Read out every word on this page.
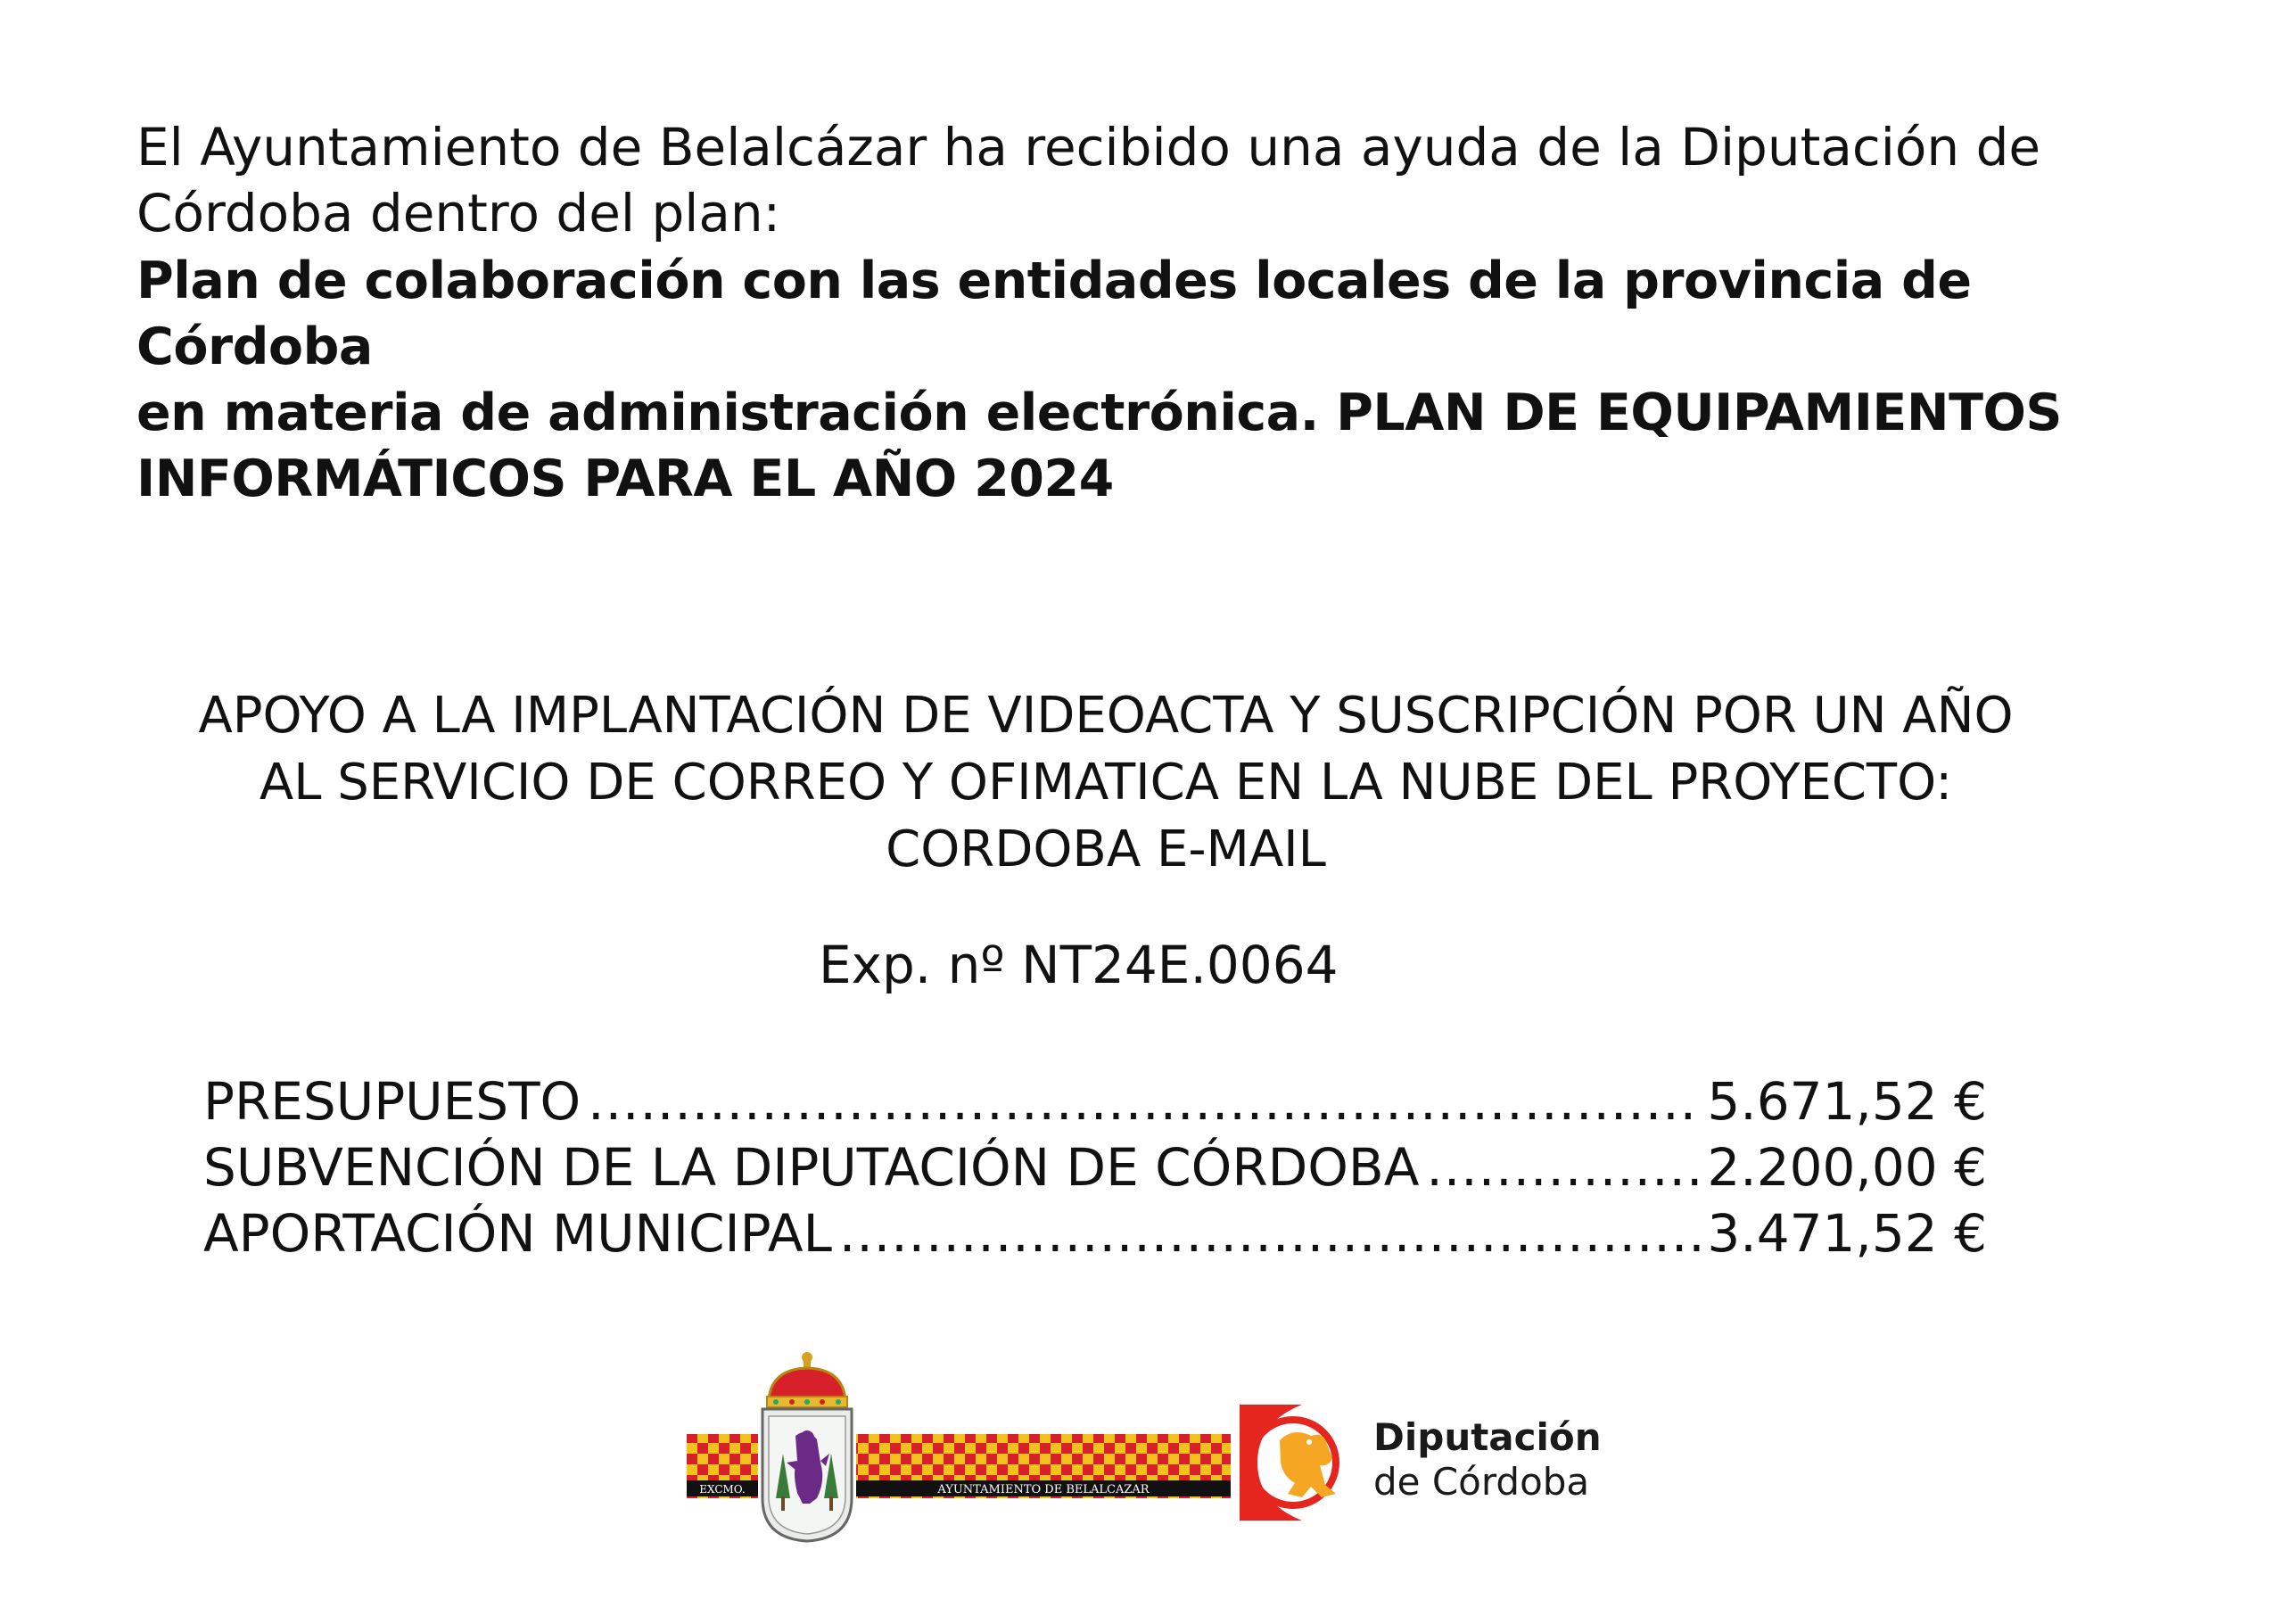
El Ayuntamiento de Belalcázar ha recibido una ayuda de la Diputación de

Córdoba dentro del plan:

Plan de colaboración con las entidades locales de la provincia de Córdoba

en materia de administración electrónica. PLAN DE EQUIPAMIENTOS

INFORMÁTICOS PARA EL AÑO 2024

APOYO A LA IMPLANTACIÓN DE VIDEOACTA Y SUSCRIPCIÓN POR UN AÑO

AL SERVICIO DE CORREO Y OFIMATICA EN LA NUBE DEL PROYECTO:

CORDOBA E-MAIL

Exp. nº NT24E.0064
PRESUPUESTO .....	5.671,52 €
SUBVENCIÓN DE LA DIPUTACIÓN DE CÓRDOBA .....	2.200,00 €
APORTACIÓN MUNICIPAL .....	3.471,52 €
EXCMO.	AYUNTAMIENTO DE BELALCAZAR
Diputación
de Córdoba
